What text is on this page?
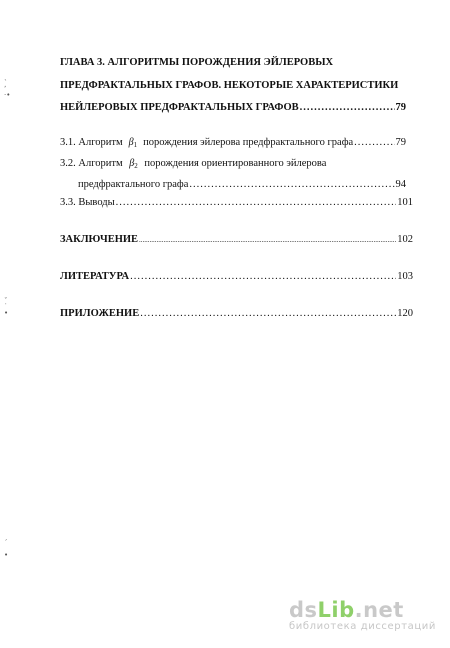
ˋ
ʼ
·•
ˇ
˙
•
ˊ

•
ГЛАВА 3. АЛГОРИТМЫ ПОРОЖДЕНИЯ ЭЙЛЕРОВЫХ
ПРЕДФРАКТАЛЬНЫХ ГРАФОВ. НЕКОТОРЫЕ ХАРАКТЕРИСТИКИ
НЕЙЛЕРОВЫХ ПРЕДФРАКТАЛЬНЫХ ГРАФОВ .....	79
3.1. Алгоритм $\beta_1$ порождения эйлерова предфрактального графа .....	79
3.2. Алгоритм $\beta_2$ порождения ориентированного эйлерова
предфрактального графа .....	94
3.3. Выводы .....	101
ЗАКЛЮЧЕНИЕ .....	102
ЛИТЕРАТУРА .....	103
ПРИЛОЖЕНИЕ .....	120
dsLib.net
библиотека диссертаций
